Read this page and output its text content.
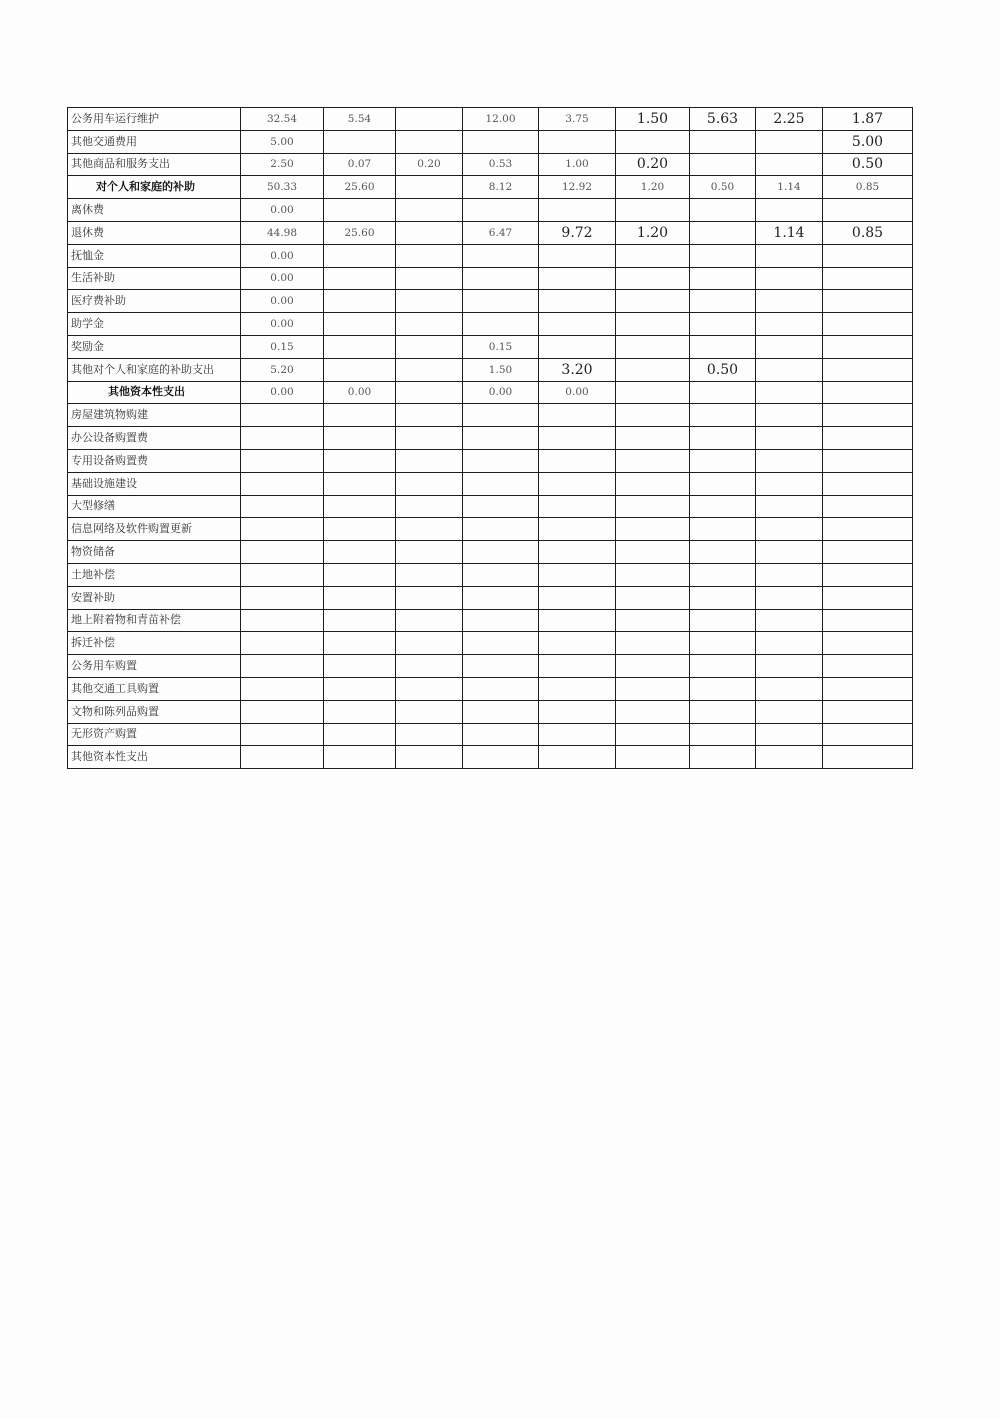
公务用车运行维护	32.54	5.54		12.00	3.75	1.50	5.63	2.25	1.87
其他交通费用	5.00								5.00
其他商品和服务支出	2.50	0.07	0.20	0.53	1.00	0.20			0.50
对个人和家庭的补助	50.33	25.60		8.12	12.92	1.20	0.50	1.14	0.85
离休费	0.00								
退休费	44.98	25.60		6.47	9.72	1.20		1.14	0.85
抚恤金	0.00								
生活补助	0.00								
医疗费补助	0.00								
助学金	0.00								
奖励金	0.15			0.15					
其他对个人和家庭的补助支出	5.20			1.50	3.20		0.50		
其他资本性支出	0.00	0.00		0.00	0.00				
房屋建筑物购建									
办公设备购置费									
专用设备购置费									
基础设施建设									
大型修缮									
信息网络及软件购置更新									
物资储备									
土地补偿									
安置补助									
地上附着物和青苗补偿									
拆迁补偿									
公务用车购置									
其他交通工具购置									
文物和陈列品购置									
无形资产购置									
其他资本性支出									
